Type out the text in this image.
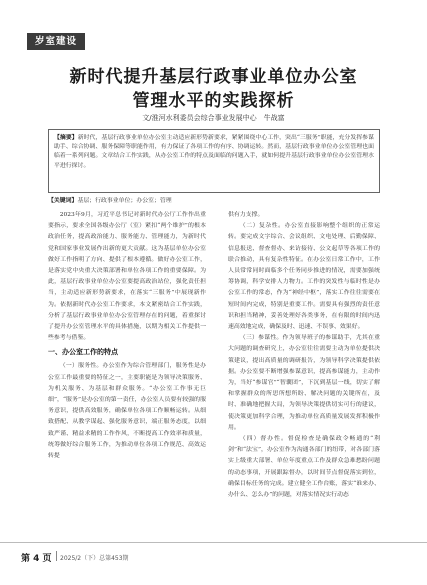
岁室建设
新时代提升基层行政事业单位办公室
管理水平的实践探析
文/淮河水利委员会综合事业发展中心　牛战富
【摘要】新时代，基层行政事业单位办公室主动适应新形势新要求，紧紧围绕中心工作，突出“三服务”职能，充分发挥参谋助手、综合协调、服务保障等职能作用，有力保证了各项工作的有序、协调运转。然而，基层行政事业单位办公室管理也面临着一系列问题。文章结合工作实践，从办公室工作的特点及面临的问题入手，就如何提升基层行政事业单位办公室管理水平进行探讨。
【关键词】基层；行政事业单位；办公室；管理

2023年9月，习近平总书记对新时代办公厅工作作出重要指示，要求全国各级办公厅（室）紧扣“两个维护”的根本政治任务，提高政治能力、服务能力、管理能力，为新时代党和国家事业发展作出新的更大贡献。这为基层单位办公室做好工作指明了方向、提供了根本遵循。做好办公室工作，是落实党中央重大决策部署和单位各项工作的重要保障。为此，基层行政事业单位办公室要提高政治站位，强化责任担当，主动适应新形势新要求，在落实“三服务”中展现新作为。依据新时代办公室工作要求，本文紧密结合工作实践，分析了基层行政事业单位办公室管理存在的问题，着重探讨了提升办公室管理水平的具体措施，以期为相关工作提供一些参考与借鉴。

一、办公室工作的特点

（一）服务性。办公室作为综合管理部门，服务性是办公室工作最重要的特征之一，主要职能是为领导决策服务、为机关服务、为基层和群众服务。“办公室工作事无巨细”，“服务”是办公室的第一责任，办公室人员要有较强的服务意识，提供高效服务，确保单位各项工作顺畅运转。从细致搭配、从教学谋起、强化服务意识，端正服务态度，以细致严谨、精益求精的工作作风，不断提高工作效率和质量，统筹做好综合服务工作，为推动单位各项工作规范、高效运转提

供有力支撑。

（二）复杂性。办公室直接影响整个组织的正常运转。要完成文字综合、会议组织、文电处理、后勤保障、信息报送、督查督办、来访接待、公文起草等各项工作的联合推动，具有复杂性特征。在办公室日常工作中，工作人员常常同时面临多个任务同步推进的情况，需要加强统筹协调，科学安排人力物力。工作的突发性与临时性是办公室工作的常态，作为“神经中枢”，落实工作往往需要在短时间内完成，特别是重要工作。需要具有强烈的责任意识和担当精神，妥善处理好各类事务，在有限的时间内迅速高效地完成，确保及时、迅速、不误事、效果好。

（三）参谋性。作为领导班子的参谋助手，尤其在重大问题的调查研究上，办公室往往需要主动为单位提供决策建议，提出高质量的调研报告，为领导科学决策提供依据。办公室要不断增强参谋意识，提高参谋能力，主动作为，当好“参谋官”“智囊团”，下沉到基层一线，切实了解和掌握群众的所思所想所盼、解决问题的关键所在，及时、准确地把握大局，为领导决策提供切实可行的建议，使决策更加科学合理，为推动单位高质量发展发挥积极作用。

（四）督办性。督促检查是确保政令畅通的“利剑”和“法宝”，办公室作为沟通各部门的纽带，对各部门落实上级重大部署、单位年度重点工作及群众急难愁盼问题的动态事项，开展跟踪督办，以时间节点督促落实到位，确保目标任务的完成。建立健全工作台账，落实“谁来办、办什么、怎么办”的问题，对落实情况实行动态

第 4 页 2025/2（下）总第453期
